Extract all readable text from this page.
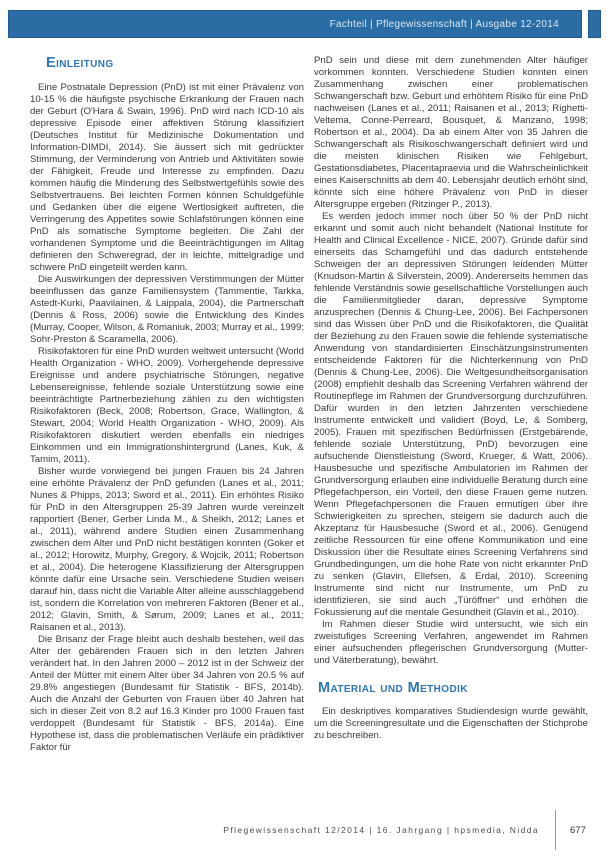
Fachteil | Pflegewissenschaft | Ausgabe 12-2014
Einleitung

Eine Postnatale Depression (PnD) ist mit einer Prävalenz von 10-15 % die häufigste psychische Erkrankung der Frauen nach der Geburt (O'Hara & Swain, 1996). PnD wird nach ICD-10 als depressive Episode einer affektiven Störung klassifiziert (Deutsches Institut für Medizinische Dokumentation und Information-DIMDI, 2014). Sie äussert sich mit gedrückter Stimmung, der Verminderung von Antrieb und Aktivitäten sowie der Fähigkeit, Freude und Interesse zu empfinden. Dazu kommen häufig die Minderung des Selbstwertgefühls sowie des Selbstvertrauens. Bei leichten Formen können Schuldgefühle und Gedanken über die eigene Wertlosigkeit auftreten, die Verringerung des Appetites sowie Schlafstörungen können eine PnD als somatische Symptome begleiten. Die Zahl der vorhandenen Symptome und die Beeinträchtigungen im Alltag definieren den Schweregrad, der in leichte, mittelgradige und schwere PnD eingeteilt werden kann.

Die Auswirkungen der depressiven Verstimmungen der Mütter beeinflussen das ganze Familiensystem (Tammentie, Tarkka, Astedt-Kurki, Paavilainen, & Laippala, 2004), die Partnerschaft (Dennis & Ross, 2006) sowie die Entwicklung des Kindes (Murray, Cooper, Wilson, & Romaniuk, 2003; Murray et al., 1999; Sohr-Preston & Scaramella, 2006).

Risikofaktoren für eine PnD wurden weltweit untersucht (World Health Organization - WHO, 2009). Vorhergehende depressive Ereignisse und andere psychiatrische Störungen, negative Lebensereignisse, fehlende soziale Unterstützung sowie eine beeinträchtigte Partnerbeziehung zählen zu den wichtigsten Risikofaktoren (Beck, 2008; Robertson, Grace, Wallington, & Stewart, 2004; World Health Organization - WHO, 2009). Als Risikofaktoren diskutiert werden ebenfalls ein niedriges Einkommen und ein Immigrationshintergrund (Lanes, Kuk, & Tamim, 2011).

Bisher wurde vorwiegend bei jungen Frauen bis 24 Jahren eine erhöhte Prävalenz der PnD gefunden (Lanes et al., 2011; Nunes & Phipps, 2013; Sword et al., 2011). Ein erhöhtes Risiko für PnD in den Altersgruppen 25-39 Jahren wurde vereinzelt rapportiert (Bener, Gerber Linda M., & Sheikh, 2012; Lanes et al., 2011), während andere Studien einen Zusammenhang zwischen dem Alter und PnD nicht bestätigen konnten (Goker et al., 2012; Horowitz, Murphy, Gregory, & Wojcik, 2011; Robertson et al., 2004). Die heterogene Klassifizierung der Altersgruppen könnte dafür eine Ursache sein. Verschiedene Studien weisen darauf hin, dass nicht die Variable Alter alleine ausschlaggebend ist, sondern die Korrelation von mehreren Faktoren (Bener et al., 2012; Glavin, Smith, & Sørum, 2009; Lanes et al., 2011; Raisanen et al., 2013).

Die Brisanz der Frage bleibt auch deshalb bestehen, weil das Alter der gebärenden Frauen sich in den letzten Jahren verändert hat. In den Jahren 2000 – 2012 ist in der Schweiz der Anteil der Mütter mit einem Alter über 34 Jahren von 20.5 % auf 29.8% angestiegen (Bundesamt für Statistik - BFS, 2014b). Auch die Anzahl der Geburten von Frauen über 40 Jahren hat sich in dieser Zeit von 8.2 auf 16.3 Kinder pro 1000 Frauen fast verdoppelt (Bundesamt für Statistik - BFS, 2014a). Eine Hypothese ist, dass die problematischen Verläufe ein prädiktiver Faktor für

PnD sein und diese mit dem zunehmenden Alter häufiger vorkommen konnten. Verschiedene Studien konnten einen Zusammenhang zwischen einer problematischen Schwangerschaft bzw. Geburt und erhöhtem Risiko für eine PnD nachweisen (Lanes et al., 2011; Raisanen et al., 2013; Righetti-Veltema, Conne-Perreard, Bousquet, & Manzano, 1998; Robertson et al., 2004). Da ab einem Alter von 35 Jahren die Schwangerschaft als Risikoschwangerschaft definiert wird und die meisten klinischen Risiken wie Fehlgeburt, Gestationsdiabetes, Placentapraevia und die Wahrscheinlichkeit eines Kaiserschnitts ab dem 40. Lebensjahr deutlich erhöht sind, könnte sich eine höhere Prävalenz von PnD in dieser Altersgruppe ergeben (Ritzinger P., 2013).

Es werden jedoch immer noch über 50 % der PnD nicht erkannt und somit auch nicht behandelt (National Institute for Health and Clinical Excellence - NICE, 2007). Gründe dafür sind einerseits das Schamgefühl und das dadurch entstehende Schweigen der an depressiven Störungen leidenden Mütter (Knudson-Martin & Silverstein, 2009). Andererseits hemmen das fehlende Verständnis sowie gesellschaftliche Vorstellungen auch die Familienmitglieder daran, depressive Symptome anzusprechen (Dennis & Chung-Lee, 2006). Bei Fachpersonen sind das Wissen über PnD und die Risikofaktoren, die Qualität der Beziehung zu den Frauen sowie die fehlende systematische Anwendung von standardisierten Einschätzungsinstrumenten entscheidende Faktoren für die Nichterkennung von PnD (Dennis & Chung-Lee, 2006). Die Weltgesundheitsorganisation (2008) empfiehlt deshalb das Screening Verfahren während der Routinepflege im Rahmen der Grundversorgung durchzuführen. Dafür wurden in den letzten Jahrzenten verschiedene Instrumente entwickelt und validiert (Boyd, Le, & Somberg, 2005). Frauen mit spezifischen Bedürfnissen (Erstgebärende, fehlende soziale Unterstützung, PnD) bevorzugen eine aufsuchende Dienstleistung (Sword, Krueger, & Watt, 2006). Hausbesuche und spezifische Ambulatorien im Rahmen der Grundversorgung erlauben eine individuelle Beratung durch eine Pflegefachperson, ein Vorteil, den diese Frauen gerne nutzen. Wenn Pflegefachpersonen die Frauen ermutigen über ihre Schwierigkeiten zu sprechen, steigern sie dadurch auch die Akzeptanz für Hausbesuche (Sword et al., 2006). Genügend zeitliche Ressourcen für eine offene Kommunikation und eine Diskussion über die Resultate eines Screening Verfahrens sind Grundbedingungen, um die hohe Rate von nicht erkannter PnD zu senken (Glavin, Ellefsen, & Erdal, 2010). Screening Instrumente sind nicht nur Instrumente, um PnD zu identifizieren, sie sind auch „Türöffner“ und erhöhen die Fokussierung auf die mentale Gesundheit (Glavin et al., 2010).

Im Rahmen dieser Studie wird untersucht, wie sich ein zweistufiges Screening Verfahren, angewendet im Rahmen einer aufsuchenden pflegerischen Grundversorgung (Mutter- und Väterberatung), bewährt.

Material und Methodik

Ein deskriptives komparatives Studiendesign wurde gewählt, um die Screeningresultate und die Eigenschaften der Stichprobe zu beschreiben.

Pflegewissenschaft 12/2014 | 16. Jahrgang | hpsmedia, Nidda	677
